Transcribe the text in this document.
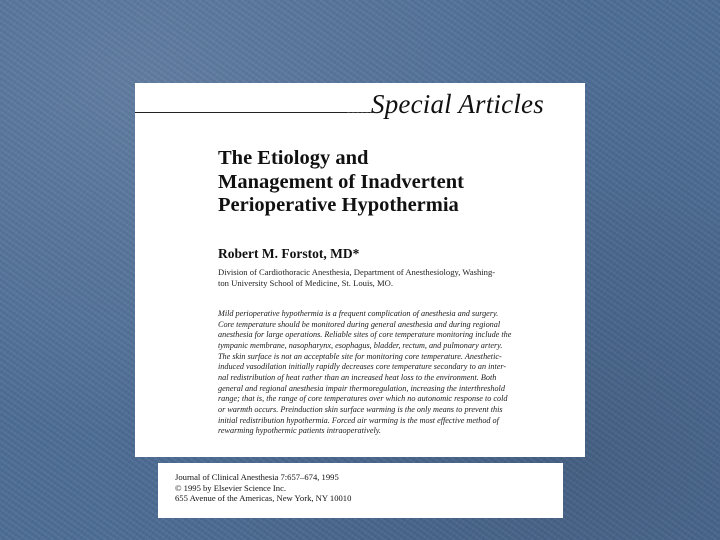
Special Articles
The Etiology and
Management of Inadvertent
Perioperative Hypothermia
Robert M. Forstot, MD*
Division of Cardiothoracic Anesthesia, Department of Anesthesiology, Washing-
ton University School of Medicine, St. Louis, MO.
Mild perioperative hypothermia is a frequent complication of anesthesia and surgery.
Core temperature should be monitored during general anesthesia and during regional
anesthesia for large operations. Reliable sites of core temperature monitoring include the
tympanic membrane, nasopharynx, esophagus, bladder, rectum, and pulmonary artery.
The skin surface is not an acceptable site for monitoring core temperature. Anesthetic-
induced vasodilation initially rapidly decreases core temperature secondary to an inter-
nal redistribution of heat rather than an increased heat loss to the environment. Both
general and regional anesthesia impair thermoregulation, increasing the interthreshold
range; that is, the range of core temperatures over which no autonomic response to cold
or warmth occurs. Preinduction skin surface warming is the only means to prevent this
initial redistribution hypothermia. Forced air warming is the most effective method of
rewarming hypothermic patients intraoperatively.
Journal of Clinical Anesthesia 7:657–674, 1995
© 1995 by Elsevier Science Inc.
655 Avenue of the Americas, New York, NY 10010
